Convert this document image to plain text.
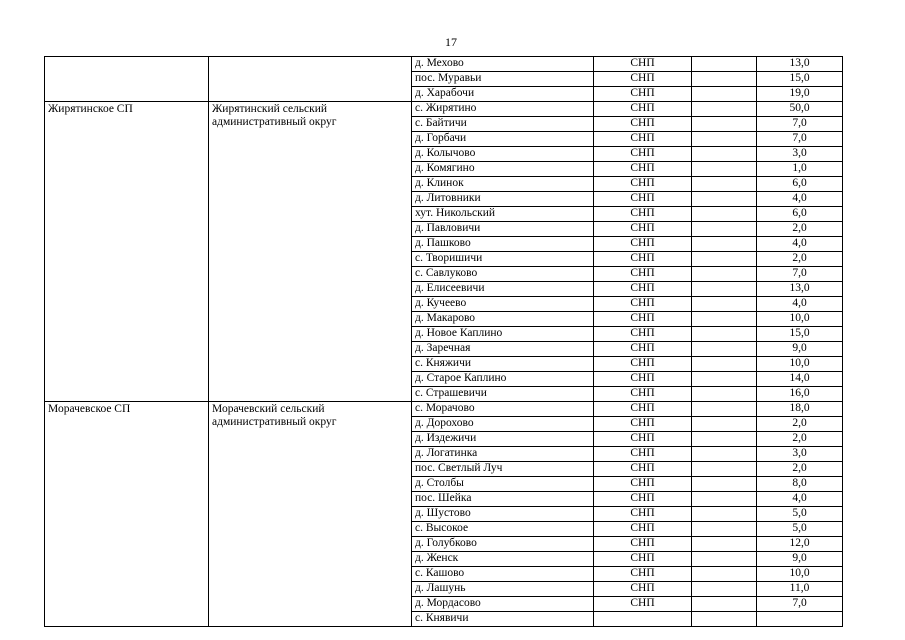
17
		д. Мехово	СНП		13,0
		пос. Муравьи	СНП		15,0
		д. Харабочи	СНП		19,0
Жирятинское СП	Жирятинский сельский административный округ	с. Жирятино	СНП		50,0
		с. Байтичи	СНП		7,0
		д. Горбачи	СНП		7,0
		д. Колычово	СНП		3,0
		д. Комягино	СНП		1,0
		д. Клинок	СНП		6,0
		д. Литовники	СНП		4,0
		хут. Никольский	СНП		6,0
		д. Павловичи	СНП		2,0
		д. Пашково	СНП		4,0
		с. Творишичи	СНП		2,0
		с. Савлуково	СНП		7,0
		д. Елисеевичи	СНП		13,0
		д. Кучеево	СНП		4,0
		д. Макарово	СНП		10,0
		д. Новое Каплино	СНП		15,0
		д. Заречная	СНП		9,0
		с. Княжичи	СНП		10,0
		д. Старое Каплино	СНП		14,0
		с. Страшевичи	СНП		16,0
Морачевское СП	Морачевский сельский административный округ	с. Морачово	СНП		18,0
		д. Дорохово	СНП		2,0
		д. Издежичи	СНП		2,0
		д. Логатинка	СНП		3,0
		пос. Светлый Луч	СНП		2,0
		д. Столбы	СНП		8,0
		пос. Шейка	СНП		4,0
		д. Шустово	СНП		5,0
		с. Высокое	СНП		5,0
		д. Голубково	СНП		12,0
		д. Женск	СНП		9,0
		с. Кашово	СНП		10,0
		д. Лашунь	СНП		11,0
		д. Мордасово	СНП		7,0
		с. Княвичи			
